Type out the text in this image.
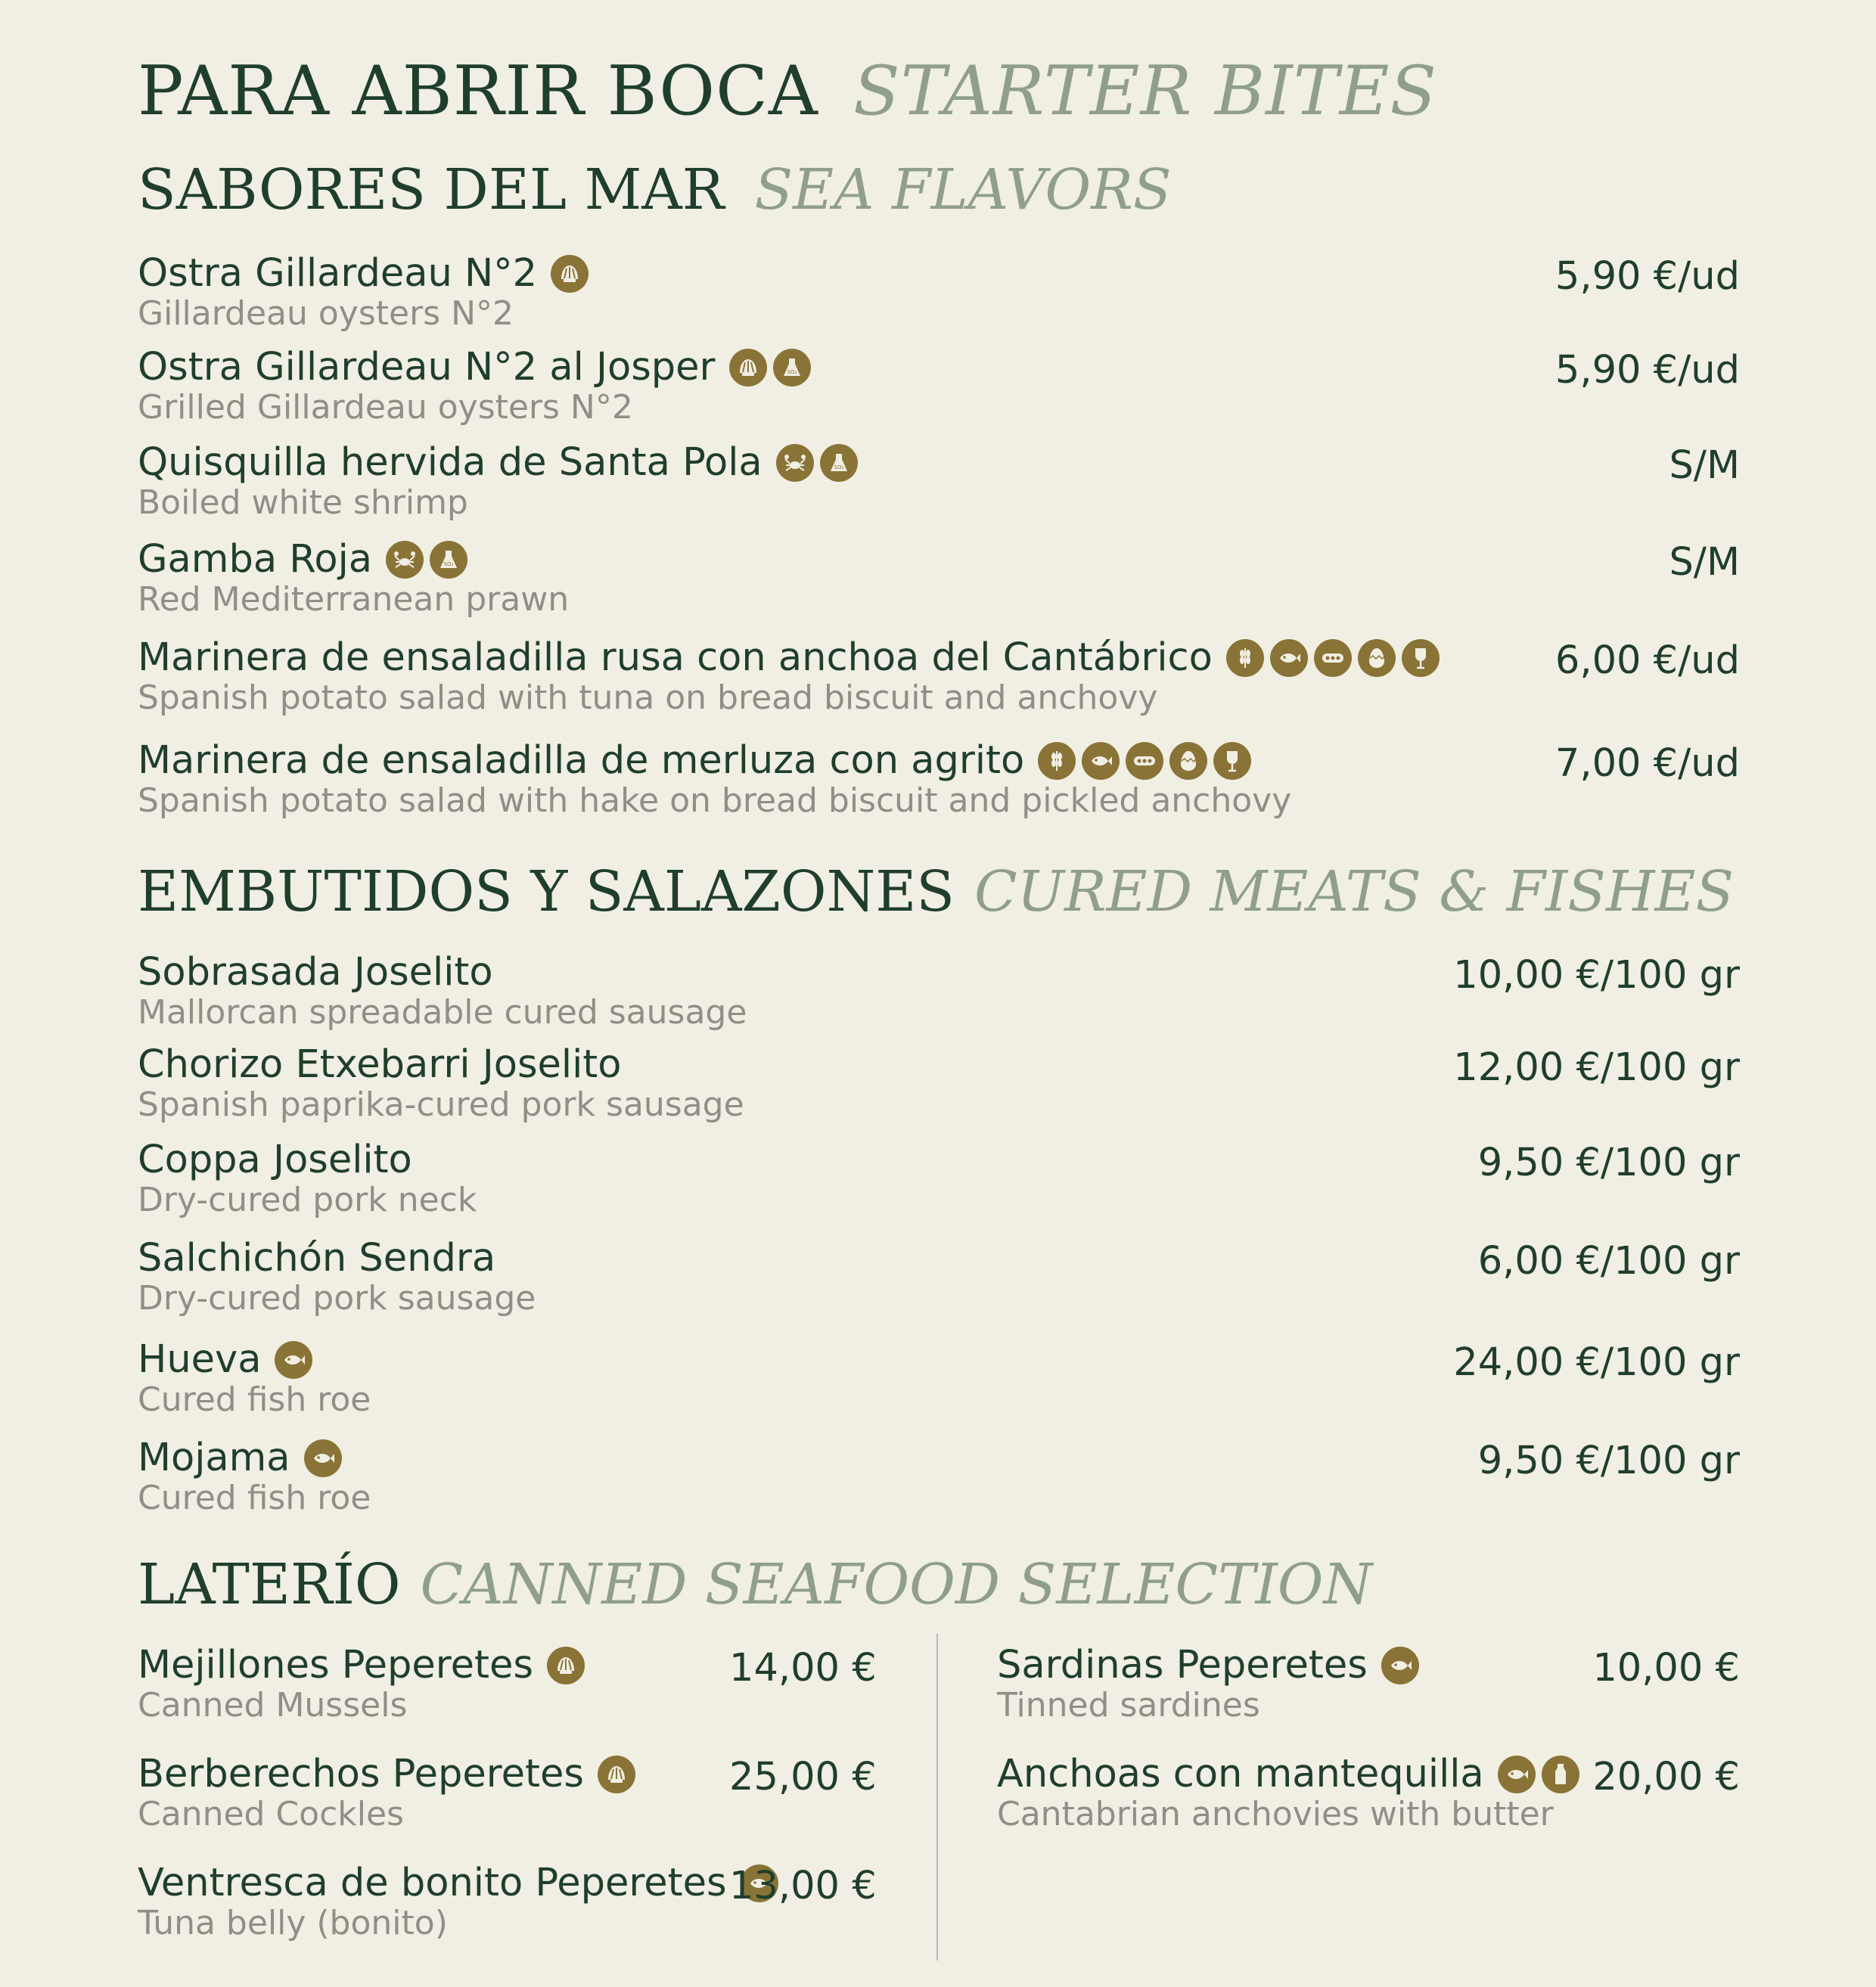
PARA ABRIR BOCA STARTER BITES
SABORES DEL MAR SEA FLAVORS
Ostra Gillardeau N°2
Gillardeau oysters N°2
5,90 €/ud
Ostra Gillardeau N°2 al Josper	SO₂
Grilled Gillardeau oysters N°2
5,90 €/ud
Quisquilla hervida de Santa Pola	SO₂
Boiled white shrimp
S/M
Gamba Roja	SO₂
Red Mediterranean prawn
S/M
Marinera de ensaladilla rusa con anchoa del Cantábrico
Spanish potato salad with tuna on bread biscuit and anchovy
6,00 €/ud
Marinera de ensaladilla de merluza con agrito
Spanish potato salad with hake on bread biscuit and pickled anchovy
7,00 €/ud
EMBUTIDOS Y SALAZONES CURED MEATS & FISHES
Sobrasada Joselito
Mallorcan spreadable cured sausage
10,00 €/100 gr
Chorizo Etxebarri Joselito
Spanish paprika-cured pork sausage
12,00 €/100 gr
Coppa Joselito
Dry-cured pork neck
9,50 €/100 gr
Salchichón Sendra
Dry-cured pork sausage
6,00 €/100 gr
Hueva
Cured fish roe
24,00 €/100 gr
Mojama
Cured fish roe
9,50 €/100 gr
LATERÍO CANNED SEAFOOD SELECTION
Mejillones Peperetes
Canned Mussels
14,00 €
Berberechos Peperetes
Canned Cockles
25,00 €
Ventresca de bonito Peperetes
Tuna belly (bonito)
13,00 €
Sardinas Peperetes
Tinned sardines
10,00 €
Anchoas con mantequilla
Cantabrian anchovies with butter
20,00 €
